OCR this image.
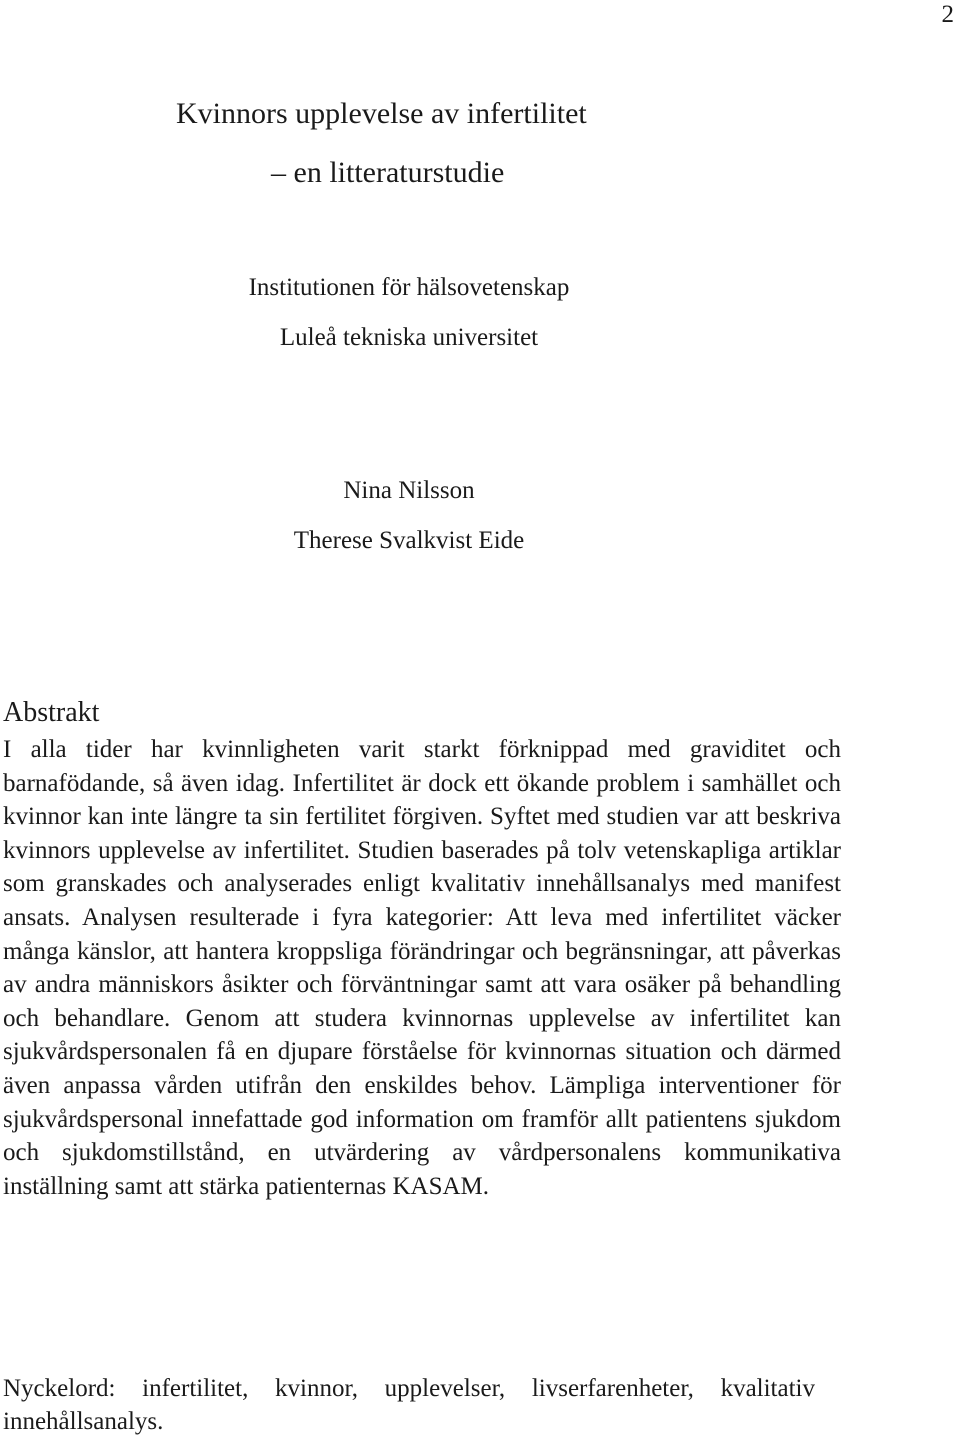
2
Kvinnors upplevelse av infertilitet
– en litteraturstudie
Institutionen för hälsovetenskap
Luleå tekniska universitet
Nina Nilsson
Therese Svalkvist Eide
Abstrakt
I alla tider har kvinnligheten varit starkt förknippad med graviditet och barnafödande, så även idag. Infertilitet är dock ett ökande problem i samhället och kvinnor kan inte längre ta sin fertilitet förgiven. Syftet med studien var att beskriva kvinnors upplevelse av infertilitet. Studien baserades på tolv vetenskapliga artiklar som granskades och analyserades enligt kvalitativ innehållsanalys med manifest ansats. Analysen resulterade i fyra kategorier: Att leva med infertilitet väcker många känslor, att hantera kroppsliga förändringar och begränsningar, att påverkas av andra människors åsikter och förväntningar samt att vara osäker på behandling och behandlare. Genom att studera kvinnornas upplevelse av infertilitet kan sjukvårdspersonalen få en djupare förståelse för kvinnornas situation och därmed även anpassa vården utifrån den enskildes behov. Lämpliga interventioner för sjukvårdspersonal innefattade god information om framför allt patientens sjukdom och sjukdomstillstånd, en utvärdering av vårdpersonalens kommunikativa inställning samt att stärka patienternas KASAM.
Nyckelord: infertilitet, kvinnor, upplevelser, livserfarenheter, kvalitativ innehållsanalys.
